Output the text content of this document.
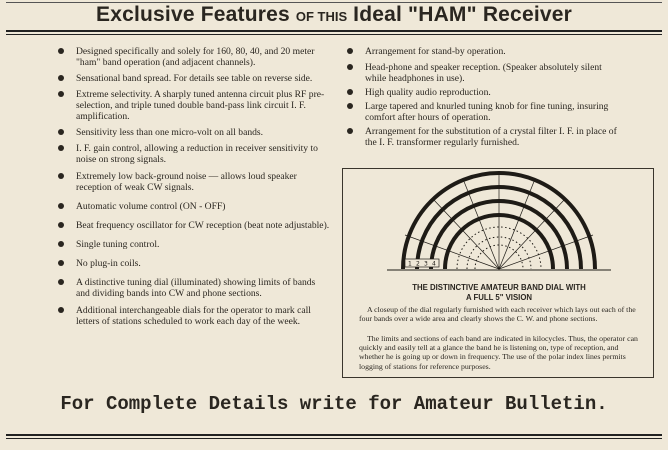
Exclusive Features OF THIS Ideal "HAM" Receiver
Designed specifically and solely for 160, 80, 40, and 20 meter "ham" band operation (and adjacent channels).
Sensational band spread. For details see table on reverse side.
Extreme selectivity. A sharply tuned antenna circuit plus RF pre-selection, and triple tuned double band-pass link circuit I. F. amplification.
Sensitivity less than one micro-volt on all bands.
I. F. gain control, allowing a reduction in receiver sensitivity to noise on strong signals.
Extremely low back-ground noise — allows loud speaker reception of weak CW signals.
Automatic volume control (ON - OFF)
Beat frequency oscillator for CW reception (beat note adjustable).
Single tuning control.
No plug-in coils.
A distinctive tuning dial (illuminated) showing limits of bands and dividing bands into CW and phone sections.
Additional interchangeable dials for the operator to mark call letters of stations scheduled to work each day of the week.
Arrangement for stand-by operation.
Head-phone and speaker reception. (Speaker absolutely silent while headphones in use).
High quality audio reproduction.
Large tapered and knurled tuning knob for fine tuning, insuring comfort after hours of operation.
Arrangement for the substitution of a crystal filter I. F. in place of the I. F. transformer regularly furnished.
1 2 3 4
THE DISTINCTIVE AMATEUR BAND DIAL WITH
A FULL 5" VISION
A closeup of the dial regularly furnished with each receiver which lays out each of the four bands over a wide area and clearly shows the C. W. and phone sections.
The limits and sections of each band are indicated in kilocycles. Thus, the operator can quickly and easily tell at a glance the band he is listening on, type of reception, and whether he is going up or down in frequency. The use of the polar index lines permits logging of stations for reference purposes.
For Complete Details write for Amateur Bulletin.
